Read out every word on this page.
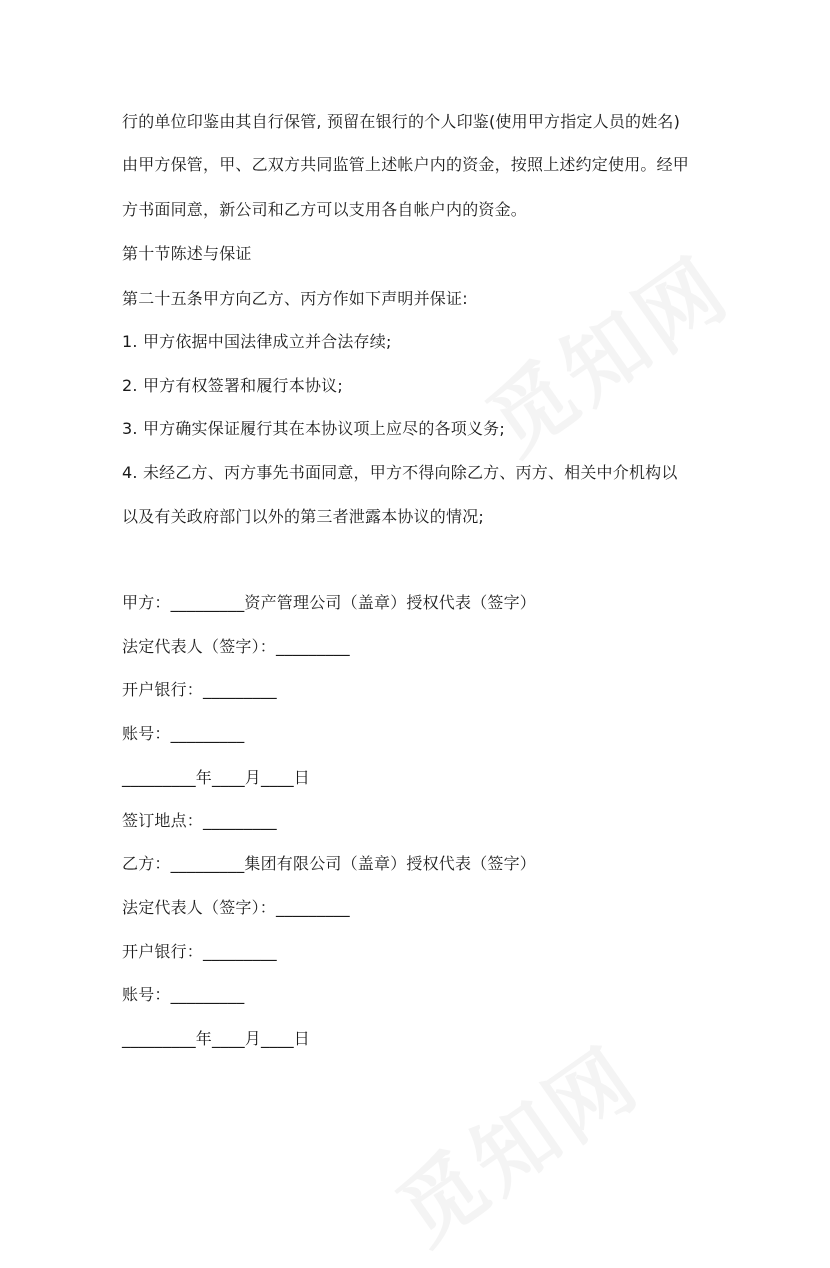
行的单位印鉴由其自行保管, 预留在银行的个人印鉴(使用甲方指定人员的姓名)
由甲方保管，甲、乙双方共同监管上述帐户内的资金，按照上述约定使用。经甲
方书面同意，新公司和乙方可以支用各自帐户内的资金。
第十节陈述与保证
第二十五条甲方向乙方、丙方作如下声明并保证:
1. 甲方依据中国法律成立并合法存续;
2. 甲方有权签署和履行本协议;
3. 甲方确实保证履行其在本协议项上应尽的各项义务;
4. 未经乙方、丙方事先书面同意，甲方不得向除乙方、丙方、相关中介机构以
以及有关政府部门以外的第三者泄露本协议的情况;
甲方：_________资产管理公司（盖章）授权代表（签字）
法定代表人（签字）：_________
开户银行：_________
账号：_________
_________年____月____日
签订地点：_________
乙方：_________集团有限公司（盖章）授权代表（签字）
法定代表人（签字）：_________
开户银行：_________
账号：_________
_________年____月____日
